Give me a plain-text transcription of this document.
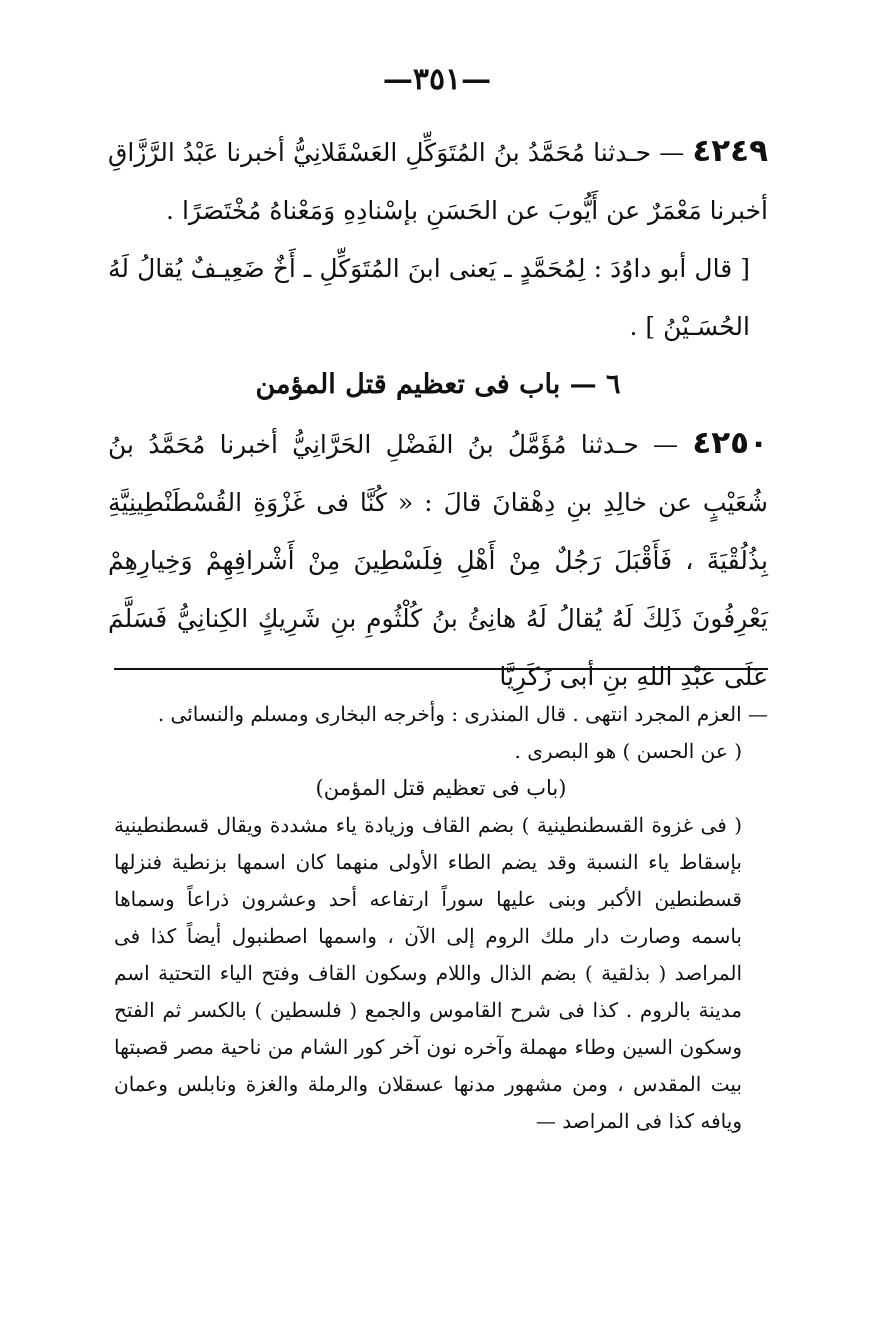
—٣٥١—

٤٢٤٩ — حـدثنا مُحَمَّدُ بنُ المُتَوَكِّلِ العَسْقَلانِيُّ أخبرنا عَبْدُ الرَّزَّاقِ أخبرنا مَعْمَرٌ عن أَيُّوبَ عن الحَسَنِ بإسْنادِهِ وَمَعْناهُ مُخْتَصَرًا .

[ قال أبو داوُدَ : لِمُحَمَّدٍ ـ يَعنى ابنَ المُتَوَكِّلِ ـ أَخٌ ضَعِيـفٌ يُقالُ لَهُ الحُسَـيْنُ ] .

٦ — باب فى تعظيم قتل المؤمن

٤٢٥٠ — حـدثنا مُؤَمَّلُ بنُ الفَضْلِ الحَرَّانِيُّ أخبرنا مُحَمَّدُ بنُ شُعَيْبٍ عن خالِدِ بنِ دِهْقانَ قالَ : « كُنَّا فى غَزْوَةِ القُسْطَنْطِينِيَّةِ بِذُلُقْيَةَ ، فَأَقْبَلَ رَجُلٌ مِنْ أَهْلِ فِلَسْطِينَ مِنْ أَشْرافِهِمْ وَخِيارِهِمْ يَعْرِفُونَ ذَلِكَ لَهُ يُقالُ لَهُ هانِئُ بنُ كُلْثُومِ بنِ شَرِيكٍ الكِنانِيُّ فَسَلَّمَ عَلَى عَبْدِ اللهِ بنِ أبى زَكَرِيَّا

— العزم المجرد انتهى . قال المنذرى : وأخرجه البخارى ومسلم والنسائى .

( عن الحسن ) هو البصرى .

(باب فى تعظيم قتل المؤمن)

( فى غزوة القسطنطينية ) بضم القاف وزيادة ياء مشددة ويقال قسطنطينية بإسقاط ياء النسبة وقد يضم الطاء الأولى منهما كان اسمها بزنطية فنزلها قسطنطين الأكبر وبنى عليها سوراً ارتفاعه أحد وعشرون ذراعاً وسماها باسمه وصارت دار ملك الروم إلى الآن ، واسمها اصطنبول أيضاً كذا فى المراصد ( بذلقية ) بضم الذال واللام وسكون القاف وفتح الياء التحتية اسم مدينة بالروم . كذا فى شرح القاموس والجمع ( فلسطين ) بالكسر ثم الفتح وسكون السين وطاء مهملة وآخره نون آخر كور الشام من ناحية مصر قصبتها بيت المقدس ، ومن مشهور مدنها عسقلان والرملة والغزة ونابلس وعمان ويافه كذا فى المراصد —
